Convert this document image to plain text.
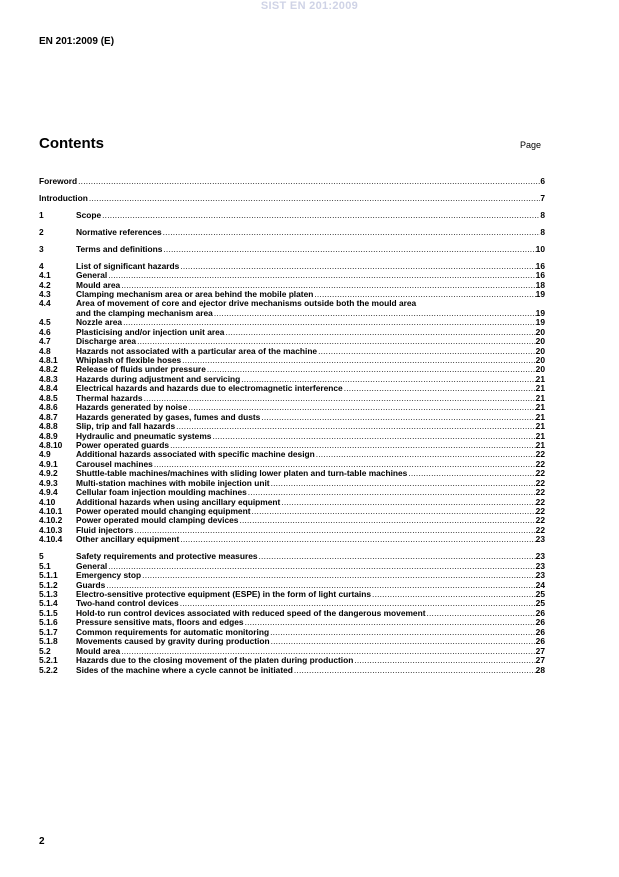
SIST EN 201:2009
EN 201:2009 (E)
Contents	Page
Foreword .....	6
Introduction .....	7
1	Scope .....	8
2	Normative references .....	8
3	Terms and definitions .....	10
4	List of significant hazards .....	16
4.1	General .....	16
4.2	Mould area .....	18
4.3	Clamping mechanism area or area behind the mobile platen .....	19
4.4	Area of movement of core and ejector drive mechanisms outside both the mould area
and the clamping mechanism area .....	19
4.5	Nozzle area .....	19
4.6	Plasticising and/or injection unit area .....	20
4.7	Discharge area .....	20
4.8	Hazards not associated with a particular area of the machine .....	20
4.8.1	Whiplash of flexible hoses .....	20
4.8.2	Release of fluids under pressure .....	20
4.8.3	Hazards during adjustment and servicing .....	21
4.8.4	Electrical hazards and hazards due to electromagnetic interference .....	21
4.8.5	Thermal hazards .....	21
4.8.6	Hazards generated by noise .....	21
4.8.7	Hazards generated by gases, fumes and dusts .....	21
4.8.8	Slip, trip and fall hazards .....	21
4.8.9	Hydraulic and pneumatic systems .....	21
4.8.10	Power operated guards .....	21
4.9	Additional hazards associated with specific machine design .....	22
4.9.1	Carousel machines .....	22
4.9.2	Shuttle-table machines/machines with sliding lower platen and turn-table machines .....	22
4.9.3	Multi-station machines with mobile injection unit .....	22
4.9.4	Cellular foam injection moulding machines .....	22
4.10	Additional hazards when using ancillary equipment .....	22
4.10.1	Power operated mould changing equipment .....	22
4.10.2	Power operated mould clamping devices .....	22
4.10.3	Fluid injectors .....	22
4.10.4	Other ancillary equipment .....	23
5	Safety requirements and protective measures .....	23
5.1	General .....	23
5.1.1	Emergency stop .....	23
5.1.2	Guards .....	24
5.1.3	Electro-sensitive protective equipment (ESPE) in the form of light curtains .....	25
5.1.4	Two-hand control devices .....	25
5.1.5	Hold-to run control devices associated with reduced speed of the dangerous movement .....	26
5.1.6	Pressure sensitive mats, floors and edges .....	26
5.1.7	Common requirements for automatic monitoring .....	26
5.1.8	Movements caused by gravity during production .....	26
5.2	Mould area .....	27
5.2.1	Hazards due to the closing movement of the platen during production .....	27
5.2.2	Sides of the machine where a cycle cannot be initiated .....	28
2
